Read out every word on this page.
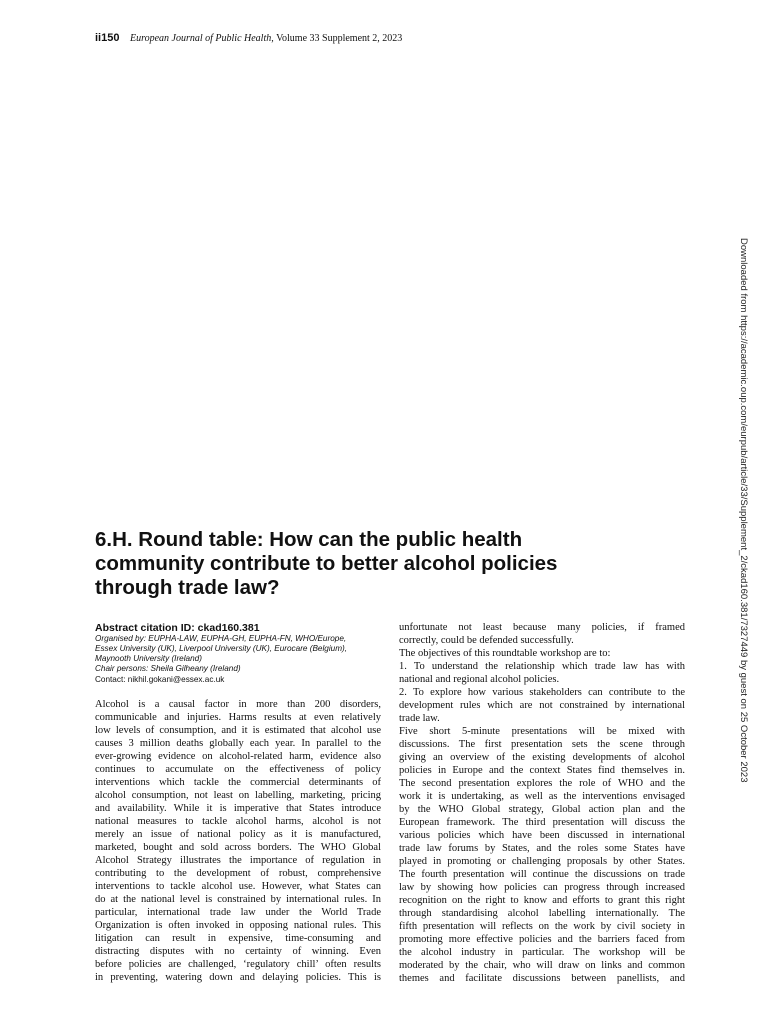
ii150 European Journal of Public Health, Volume 33 Supplement 2, 2023
Downloaded from https://academic.oup.com/eurpub/article/33/Supplement_2/ckad160.381/7327449 by guest on 25 October 2023
6.H. Round table: How can the public health
community contribute to better alcohol policies
through trade law?
Abstract citation ID: ckad160.381
Organised by: EUPHA-LAW, EUPHA-GH, EUPHA-FN, WHO/Europe,
Essex University (UK), Liverpool University (UK), Eurocare (Belgium),
Maynooth University (Ireland)
Chair persons: Sheila Gilheany (Ireland)
Contact: nikhil.gokani@essex.ac.uk
Alcohol is a causal factor in more than 200 disorders,
communicable and injuries. Harms results at even relatively
low levels of consumption, and it is estimated that alcohol use
causes 3 million deaths globally each year. In parallel to the
ever-growing evidence on alcohol-related harm, evidence also
continues to accumulate on the effectiveness of policy
interventions which tackle the commercial determinants of
alcohol consumption, not least on labelling, marketing, pricing
and availability. While it is imperative that States introduce
national measures to tackle alcohol harms, alcohol is not
merely an issue of national policy as it is manufactured,
marketed, bought and sold across borders. The WHO Global
Alcohol Strategy illustrates the importance of regulation in
contributing to the development of robust, comprehensive
interventions to tackle alcohol use. However, what States can
do at the national level is constrained by international rules. In
particular, international trade law under the World Trade
Organization is often invoked in opposing national rules. This
litigation can result in expensive, time-consuming and
distracting disputes with no certainty of winning. Even
before policies are challenged, ‘regulatory chill’ often results
in preventing, watering down and delaying policies. This is
unfortunate not least because many policies, if framed
correctly, could be defended successfully.
The objectives of this roundtable workshop are to:
1. To understand the relationship which trade law has with
national and regional alcohol policies.
2. To explore how various stakeholders can contribute to the
development rules which are not constrained by international
trade law.
Five short 5-minute presentations will be mixed with
discussions. The first presentation sets the scene through
giving an overview of the existing developments of alcohol
policies in Europe and the context States find themselves in.
The second presentation explores the role of WHO and the
work it is undertaking, as well as the interventions envisaged
by the WHO Global strategy, Global action plan and the
European framework. The third presentation will discuss the
various policies which have been discussed in international
trade law forums by States, and the roles some States have
played in promoting or challenging proposals by other States.
The fourth presentation will continue the discussions on trade
law by showing how policies can progress through increased
recognition on the right to know and efforts to grant this right
through standardising alcohol labelling internationally. The
fifth presentation will reflects on the work by civil society in
promoting more effective policies and the barriers faced from
the alcohol industry in particular. The workshop will be
moderated by the chair, who will draw on links and common
themes and facilitate discussions between panellists, and
